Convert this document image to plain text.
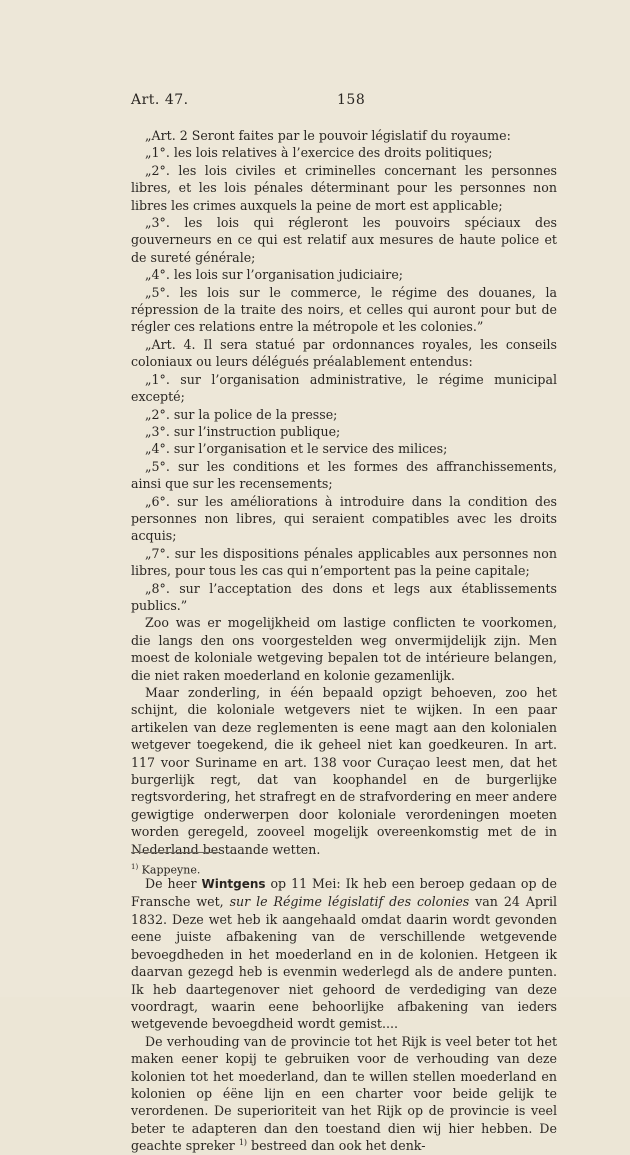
Art. 47.	158

„Art. 2 Seront faites par le pouvoir législatif du royaume:

„1°. les lois relatives à l’exercice des droits politiques;

„2°. les lois civiles et criminelles concernant les personnes libres, et les lois pénales déterminant pour les personnes non libres les crimes auxquels la peine de mort est applicable;

„3°. les lois qui régleront les pouvoirs spéciaux des gouverneurs en ce qui est relatif aux mesures de haute police et de sureté générale;

„4°. les lois sur l’organisation judiciaire;

„5°. les lois sur le commerce, le régime des douanes, la répression de la traite des noirs, et celles qui auront pour but de régler ces relations entre la métropole et les colonies.”

„Art. 4. Il sera statué par ordonnances royales, les conseils coloniaux ou leurs délégués préalablement entendus:

„1°. sur l’organisation administrative, le régime municipal excepté;

„2°. sur la police de la presse;

„3°. sur l’instruction publique;

„4°. sur l’organisation et le service des milices;

„5°. sur les conditions et les formes des affranchissements, ainsi que sur les recensements;

„6°. sur les améliorations à introduire dans la condition des personnes non libres, qui seraient compatibles avec les droits acquis;

„7°. sur les dispositions pénales applicables aux personnes non libres, pour tous les cas qui n’emportent pas la peine capitale;

„8°. sur l’acceptation des dons et legs aux établissements publics.”

Zoo was er mogelijkheid om lastige conflicten te voorkomen, die langs den ons voorgestelden weg onvermijdelijk zijn. Men moest de koloniale wetgeving bepalen tot de intérieure belangen, die niet raken moederland en kolonie gezamenlijk.

Maar zonderling, in één bepaald opzigt behoeven, zoo het schijnt, die koloniale wetgevers niet te wijken. In een paar artikelen van deze reglementen is eene magt aan den kolonialen wetgever toegekend, die ik geheel niet kan goedkeuren. In art. 117 voor Suriname en art. 138 voor Curaçao leest men, dat het burgerlijk regt, dat van koophandel en de burgerlijke regtsvordering, het strafregt en de strafvordering en meer andere gewigtige onderwerpen door koloniale verordeningen moeten worden geregeld, zooveel mogelijk overeenkomstig met de in Nederland bestaande wetten.

De heer Wintgens op 11 Mei: Ik heb een beroep gedaan op de Fransche wet, sur le Régime législatif des colonies van 24 April 1832. Deze wet heb ik aangehaald omdat daarin wordt gevonden eene juiste afbakening van de verschillende wetgevende bevoegdheden in het moederland en in de kolonien. Hetgeen ik daarvan gezegd heb is evenmin wederlegd als de andere punten. Ik heb daartegenover niet gehoord de verdediging van deze voordragt, waarin eene behoorlijke afbakening van ieders wetgevende bevoegdheid wordt gemist....

De verhouding van de provincie tot het Rijk is veel beter tot het maken eener kopij te gebruiken voor de verhouding van deze kolonien tot het moederland, dan te willen stellen moederland en kolonien op éëne lijn en een charter voor beide gelijk te verordenen. De superioriteit van het Rijk op de provincie is veel beter te adapteren dan den toestand dien wij hier hebben. De geachte spreker $^{1)}$ bestreed dan ook het denk-

$^{1)}$ Kappeyne.
